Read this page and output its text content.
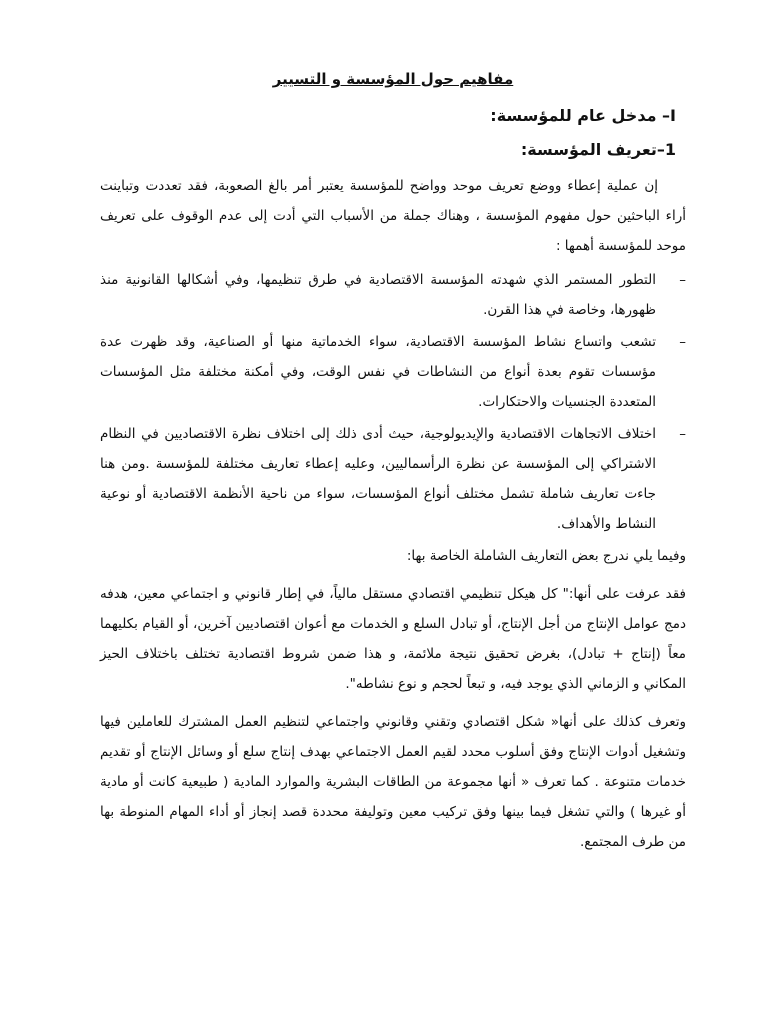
مفاهيم حول المؤسسة و التسيير
I– مدخل عام للمؤسسة:
1–تعريف المؤسسة:

إن عملية إعطاء ووضع تعريف موحد وواضح للمؤسسة يعتبر أمر بالغ الصعوبة، فقد تعددت وتباينت أراء الباحثين حول مفهوم المؤسسة ، وهناك جملة من الأسباب التي أدت إلى عدم الوقوف على تعريف موحد للمؤسسة أهمها :

–
التطور المستمر الذي شهدته المؤسسة الاقتصادية في طرق تنظيمها، وفي أشكالها القانونية منذ ظهورها، وخاصة في هذا القرن.
–
تشعب واتساع نشاط المؤسسة الاقتصادية، سواء الخدماتية منها أو الصناعية، وقد ظهرت عدة مؤسسات تقوم بعدة أنواع من النشاطات في نفس الوقت، وفي أمكنة مختلفة مثل المؤسسات المتعددة الجنسيات والاحتكارات.
–
اختلاف الاتجاهات الاقتصادية والإيديولوجية، حيث أدى ذلك إلى اختلاف نظرة الاقتصاديين في النظام الاشتراكي إلى المؤسسة عن نظرة الرأسماليين، وعليه إعطاء تعاريف مختلفة للمؤسسة .ومن هنا جاءت تعاريف شاملة تشمل مختلف أنواع المؤسسات، سواء من ناحية الأنظمة الاقتصادية أو نوعية النشاط والأهداف.

وفيما يلي ندرج بعض التعاريف الشاملة الخاصة بها:

فقد عرفت على أنها:" كل هيكل تنظيمي اقتصادي مستقل مالياً، في إطار قانوني و اجتماعي معين، هدفه دمج عوامل الإنتاج من أجل الإنتاج، أو تبادل السلع و الخدمات مع أعوان اقتصاديين آخرين، أو القيام بكليهما معاً (إنتاج + تبادل)، بغرض تحقيق نتيجة ملائمة، و هذا ضمن شروط اقتصادية تختلف باختلاف الحيز المكاني و الزماني الذي يوجد فيه، و تبعاً لحجم و نوع نشاطه".

وتعرف كذلك على أنها« شكل اقتصادي وتقني وقانوني واجتماعي لتنظيم العمل المشترك للعاملين فيها وتشغيل أدوات الإنتاج وفق أسلوب محدد لقيم العمل الاجتماعي بهدف إنتاج سلع أو وسائل الإنتاج أو تقديم خدمات متنوعة . كما تعرف « أنها مجموعة من الطاقات البشرية والموارد المادية ( طبيعية كانت أو مادية أو غيرها ) والتي تشغل فيما بينها وفق تركيب معين وتوليفة محددة قصد إنجاز أو أداء المهام المنوطة بها من طرف المجتمع.
